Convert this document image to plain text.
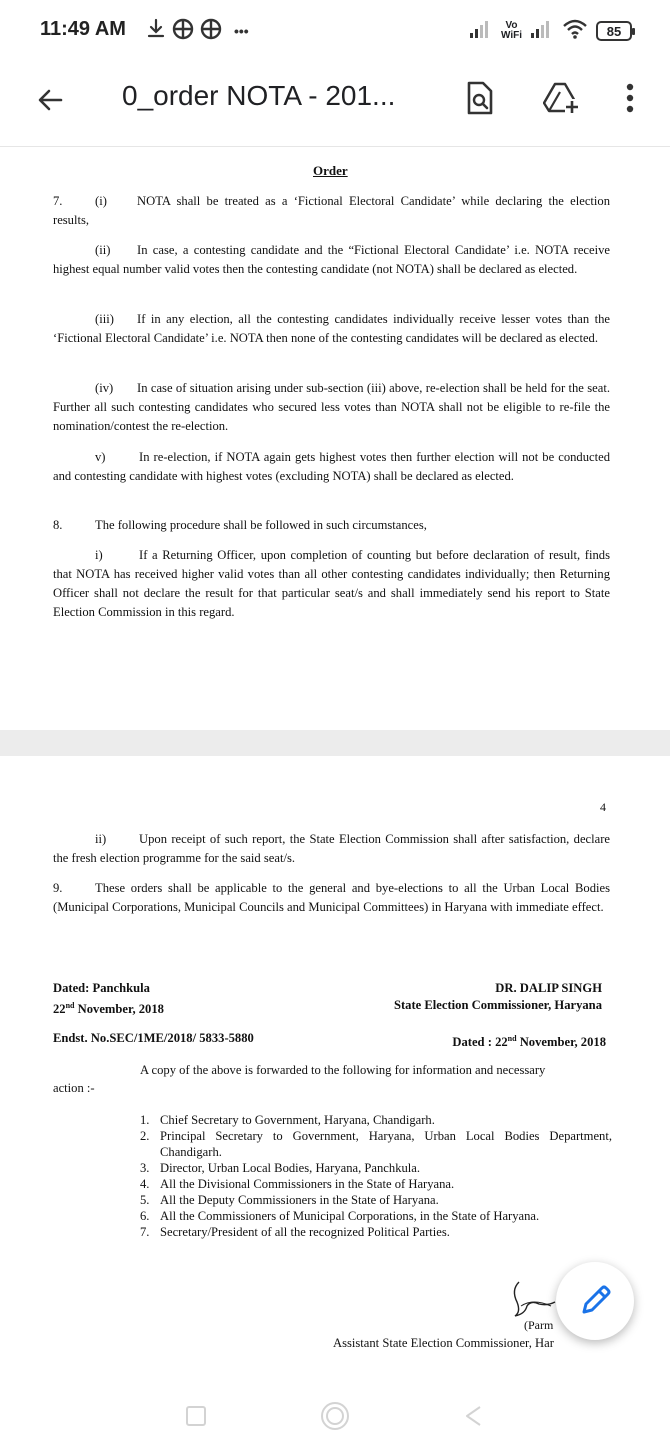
11:49 AM	•••	Vo
WiFi	85
0_order NOTA - 201...
Order
7.	(i) NOTA shall be treated as a ‘Fictional Electoral Candidate’ while declaring the election results,
(ii) In case, a contesting candidate and the “Fictional Electoral Candidate’ i.e. NOTA receive highest equal number valid votes then the contesting candidate (not NOTA) shall be declared as elected.
(iii) If in any election, all the contesting candidates individually receive lesser votes than the ‘Fictional Electoral Candidate’ i.e. NOTA then none of the contesting candidates will be declared as elected.
(iv) In case of situation arising under sub-section (iii) above, re-election shall be held for the seat. Further all such contesting candidates who secured less votes than NOTA shall not be eligible to re-file the nomination/contest the re-election.
v)	In re-election, if NOTA again gets highest votes then further election will not be conducted and contesting candidate with highest votes (excluding NOTA) shall be declared as elected.
8.	The following procedure shall be followed in such circumstances,
i)	If a Returning Officer, upon completion of counting but before declaration of result, finds that NOTA has received higher valid votes than all other contesting candidates individually; then Returning Officer shall not declare the result for that particular seat/s and shall immediately send his report to State Election Commission in this regard.
4
ii)	Upon receipt of such report, the State Election Commission shall after satisfaction, declare the fresh election programme for the said seat/s.
9.	These orders shall be applicable to the general and bye-elections to all the Urban Local Bodies (Municipal Corporations, Municipal Councils and Municipal Committees) in Haryana with immediate effect.
Dated: Panchkula
22nd November, 2018
DR. DALIP SINGH
State Election Commissioner, Haryana
Endst. No.SEC/1ME/2018/ 5833-5880	Dated : 22nd November, 2018
A copy of the above is forwarded to the following for information and necessary
action :-
1. Chief Secretary to Government, Haryana, Chandigarh.
2. Principal Secretary to Government, Haryana, Urban Local Bodies Department, Chandigarh.
3. Director, Urban Local Bodies, Haryana, Panchkula.
4. All the Divisional Commissioners in the State of Haryana.
5. All the Deputy Commissioners in the State of Haryana.
6. All the Commissioners of Municipal Corporations, in the State of Haryana.
7. Secretary/President of all the recognized Political Parties.
(Parm
Assistant State Election Commissioner, Har
